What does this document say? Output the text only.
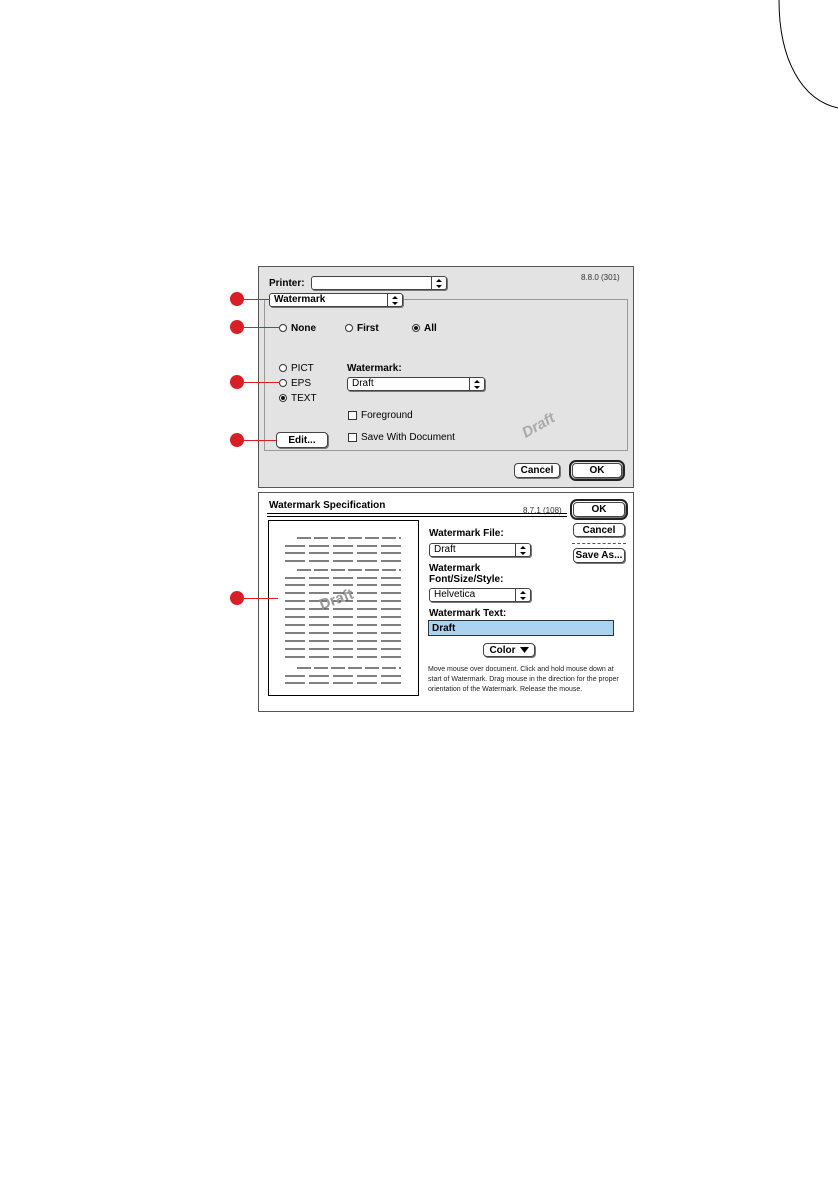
Printer:
8.8.0 (301)
Watermark
None	First	All
PICT
EPS
TEXT
Watermark:
Draft
Foreground
Save With Document	Draft
Edit...
Cancel	OK
Watermark Specification	8.7.1 (108)	OK
Cancel
Save As...
Draft
Watermark File:
Draft
Watermark
Font/Size/Style:
Helvetica
Watermark Text:
Draft
Color
Move mouse over document. Click and hold mouse down at start of Watermark. Drag mouse in the direction for the proper orientation of the Watermark. Release the mouse.
